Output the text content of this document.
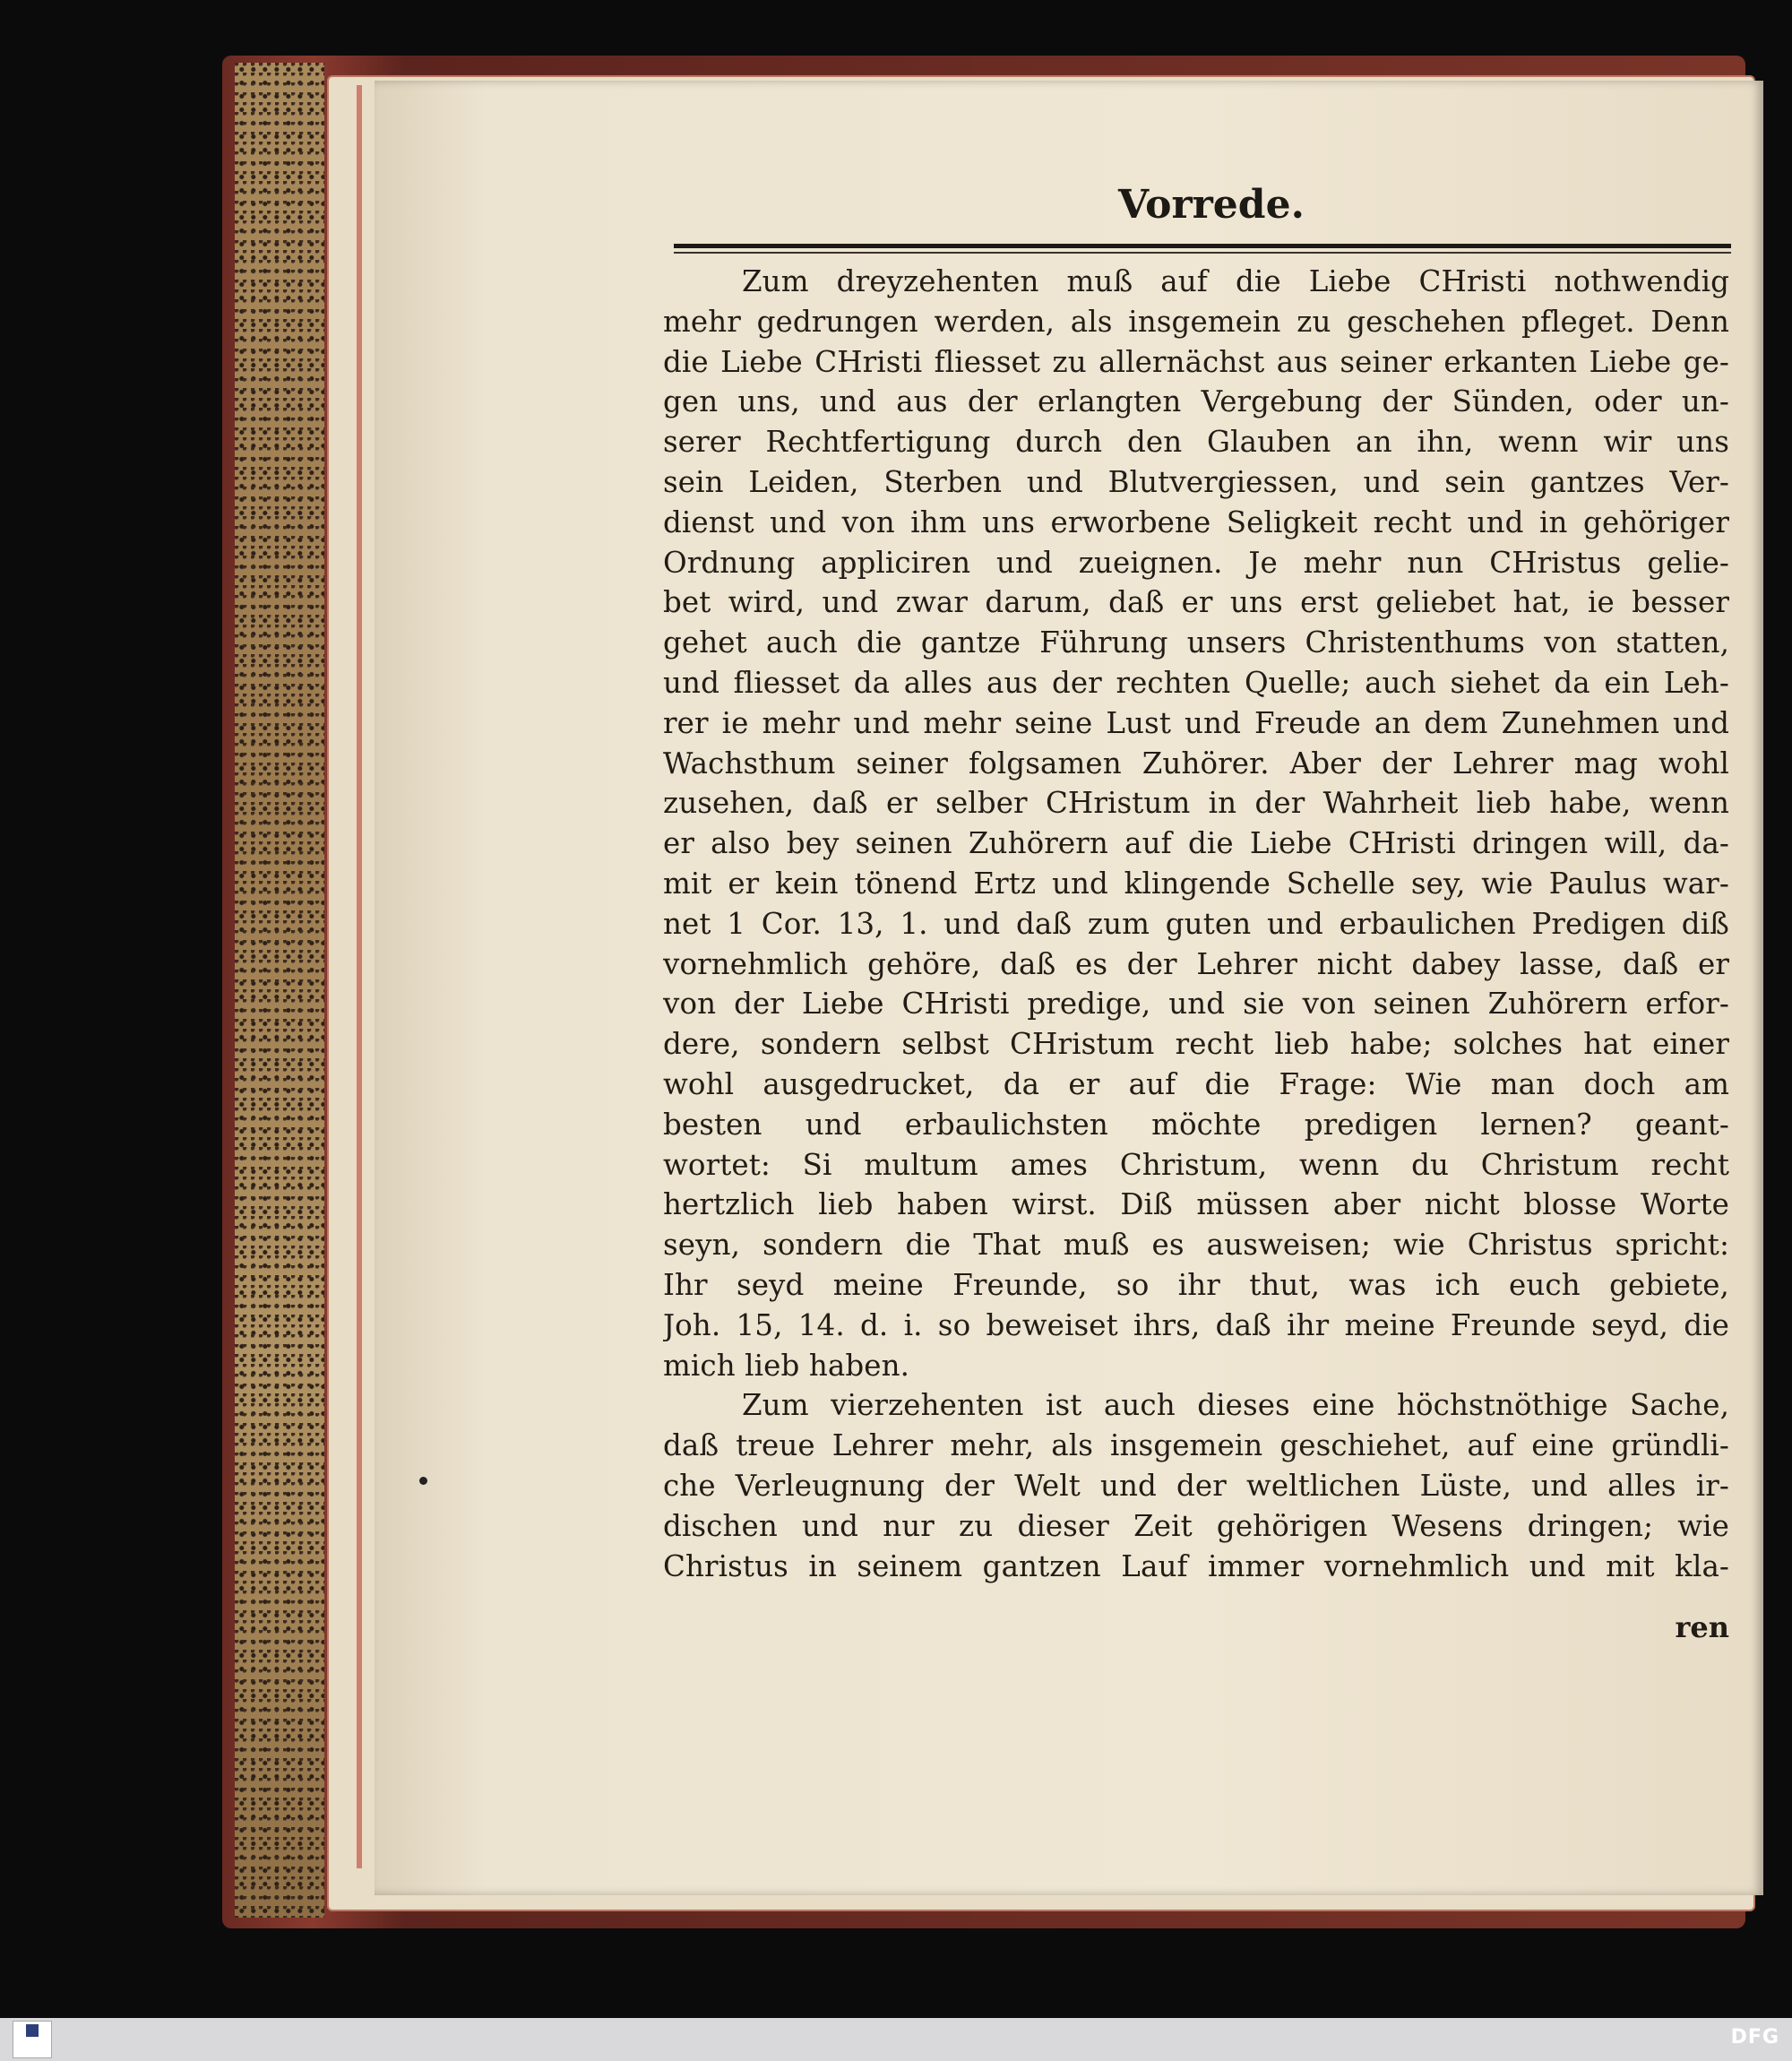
Vorrede.
Zum dreyzehenten muß auf die Liebe CHristi nothwendig
mehr gedrungen werden, als insgemein zu geschehen pfleget. Denn
die Liebe CHristi fliesset zu allernächst aus seiner erkanten Liebe ge-
gen uns, und aus der erlangten Vergebung der Sünden, oder un-
serer Rechtfertigung durch den Glauben an ihn, wenn wir uns
sein Leiden, Sterben und Blutvergiessen, und sein gantzes Ver-
dienst und von ihm uns erworbene Seligkeit recht und in gehöriger
Ordnung appliciren und zueignen. Je mehr nun CHristus gelie-
bet wird, und zwar darum, daß er uns erst geliebet hat, ie besser
gehet auch die gantze Führung unsers Christenthums von statten,
und fliesset da alles aus der rechten Quelle; auch siehet da ein Leh-
rer ie mehr und mehr seine Lust und Freude an dem Zunehmen und
Wachsthum seiner folgsamen Zuhörer. Aber der Lehrer mag wohl
zusehen, daß er selber CHristum in der Wahrheit lieb habe, wenn
er also bey seinen Zuhörern auf die Liebe CHristi dringen will, da-
mit er kein tönend Ertz und klingende Schelle sey, wie Paulus war-
net 1 Cor. 13, 1. und daß zum guten und erbaulichen Predigen diß
vornehmlich gehöre, daß es der Lehrer nicht dabey lasse, daß er
von der Liebe CHristi predige, und sie von seinen Zuhörern erfor-
dere, sondern selbst CHristum recht lieb habe; solches hat einer
wohl ausgedrucket, da er auf die Frage: Wie man doch am
besten und erbaulichsten möchte predigen lernen? geant-
wortet: Si multum ames Christum, wenn du Christum recht
hertzlich lieb haben wirst. Diß müssen aber nicht blosse Worte
seyn, sondern die That muß es ausweisen; wie Christus spricht:
Ihr seyd meine Freunde, so ihr thut, was ich euch gebiete,
Joh. 15, 14. d. i. so beweiset ihrs, daß ihr meine Freunde seyd, die
mich lieb haben.
Zum vierzehenten ist auch dieses eine höchstnöthige Sache,
daß treue Lehrer mehr, als insgemein geschiehet, auf eine gründli-
che Verleugnung der Welt und der weltlichen Lüste, und alles ir-
dischen und nur zu dieser Zeit gehörigen Wesens dringen; wie
Christus in seinem gantzen Lauf immer vornehmlich und mit kla-
ren
DFG
